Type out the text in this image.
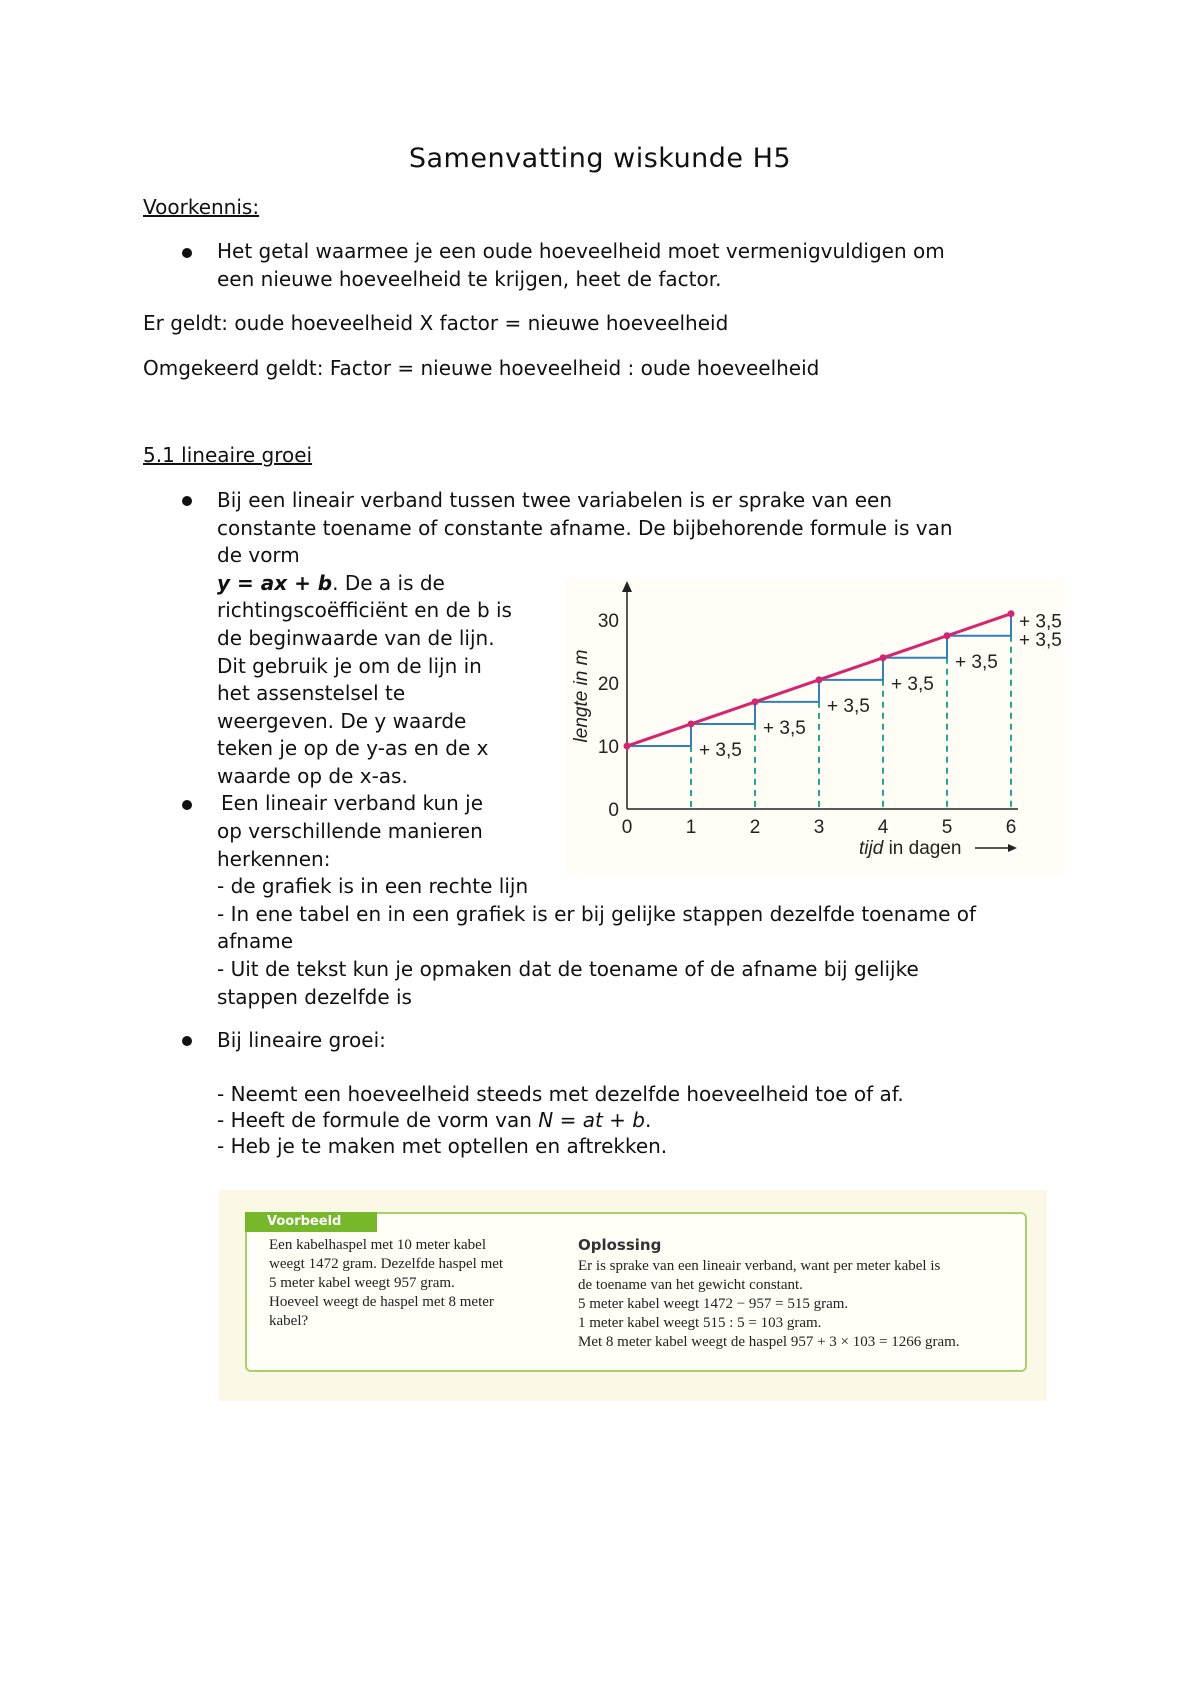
Samenvatting wiskunde H5
Voorkennis:
Het getal waarmee je een oude hoeveelheid moet vermenigvuldigen om
een nieuwe hoeveelheid te krijgen, heet de factor.
Er geldt: oude hoeveelheid X factor = nieuwe hoeveelheid
Omgekeerd geldt: Factor = nieuwe hoeveelheid : oude hoeveelheid
5.1 lineaire groei
Bij een lineair verband tussen twee variabelen is er sprake van een
constante toename of constante afname. De bijbehorende formule is van
de vorm
y = ax + b. De a is de
richtingscoëfficiënt en de b is
de beginwaarde van de lijn.
Dit gebruik je om de lijn in
het assenstelsel te
weergeven. De y waarde
teken je op de y-as en de x
waarde op de x-as.
Een lineair verband kun je
op verschillende manieren
herkennen:
- de grafiek is in een rechte lijn
- In ene tabel en in een grafiek is er bij gelijke stappen dezelfde toename of
afname
- Uit de tekst kun je opmaken dat de toename of de afname bij gelijke
stappen dezelfde is
Bij lineaire groei:
- Neemt een hoeveelheid steeds met dezelfde hoeveelheid toe of af.
- Heeft de formule de vorm van N = at + b.
- Heb je te maken met optellen en aftrekken.
0	1	2	3	4	5	6
0
10
20
30
+ 3,5
+ 3,5
+ 3,5
+ 3,5
+ 3,5
+ 3,5
+ 3,5
lengte in m
tijd in dagen
Voorbeeld
Een kabelhaspel met 10 meter kabel
weegt 1472 gram. Dezelfde haspel met
5 meter kabel weegt 957 gram.
Hoeveel weegt de haspel met 8 meter
kabel?
Oplossing
Er is sprake van een lineair verband, want per meter kabel is
de toename van het gewicht constant.
5 meter kabel weegt 1472 − 957 = 515 gram.
1 meter kabel weegt 515 : 5 = 103 gram.
Met 8 meter kabel weegt de haspel 957 + 3 × 103 = 1266 gram.
